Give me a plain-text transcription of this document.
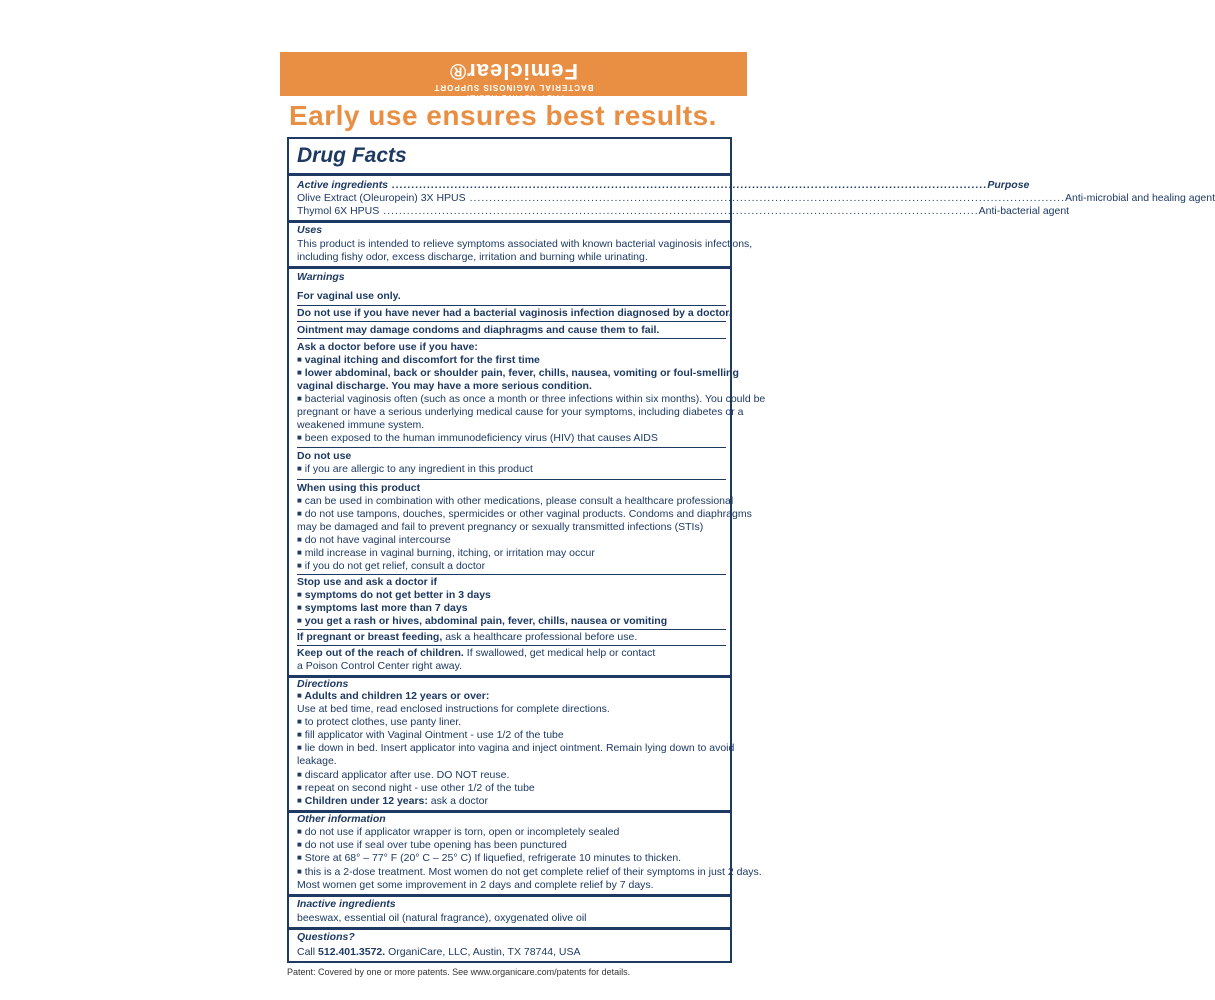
Femiclear®
BACTERIAL VAGINOSIS SUPPORT
FAST-ACTING RELIEF
Early use ensures best results.
Drug Facts
Active ingredients ........................................................................................................................................................ Purpose
Olive Extract (Oleuropein) 3X HPUS ........................................................................................................................................................ Anti-microbial and healing agent
Thymol 6X HPUS ........................................................................................................................................................ Anti-bacterial agent
Uses
This product is intended to relieve symptoms associated with known bacterial vaginosis infections,
including fishy odor, excess discharge, irritation and burning while urinating.
Warnings
For vaginal use only.
Do not use if you have never had a bacterial vaginosis infection diagnosed by a doctor.
Ointment may damage condoms and diaphragms and cause them to fail.
Ask a doctor before use if you have:
■ vaginal itching and discomfort for the first time
■ lower abdominal, back or shoulder pain, fever, chills, nausea, vomiting or foul-smelling
vaginal discharge. You may have a more serious condition.
■ bacterial vaginosis often (such as once a month or three infections within six months). You could be
pregnant or have a serious underlying medical cause for your symptoms, including diabetes or a
weakened immune system.
■ been exposed to the human immunodeficiency virus (HIV) that causes AIDS
Do not use
■ if you are allergic to any ingredient in this product
When using this product
■ can be used in combination with other medications, please consult a healthcare professional
■ do not use tampons, douches, spermicides or other vaginal products. Condoms and diaphragms
may be damaged and fail to prevent pregnancy or sexually transmitted infections (STIs)
■ do not have vaginal intercourse
■ mild increase in vaginal burning, itching, or irritation may occur
■ if you do not get relief, consult a doctor
Stop use and ask a doctor if
■ symptoms do not get better in 3 days
■ symptoms last more than 7 days
■ you get a rash or hives, abdominal pain, fever, chills, nausea or vomiting
If pregnant or breast feeding, ask a healthcare professional before use.
Keep out of the reach of children. If swallowed, get medical help or contact
a Poison Control Center right away.
Directions
■ Adults and children 12 years or over:
Use at bed time, read enclosed instructions for complete directions.
■ to protect clothes, use panty liner.
■ fill applicator with Vaginal Ointment - use 1/2 of the tube
■ lie down in bed. Insert applicator into vagina and inject ointment. Remain lying down to avoid
leakage.
■ discard applicator after use. DO NOT reuse.
■ repeat on second night - use other 1/2 of the tube
■ Children under 12 years: ask a doctor
Other information
■ do not use if applicator wrapper is torn, open or incompletely sealed
■ do not use if seal over tube opening has been punctured
■ Store at 68° – 77° F (20° C – 25° C) If liquefied, refrigerate 10 minutes to thicken.
■ this is a 2-dose treatment. Most women do not get complete relief of their symptoms in just 2 days.
Most women get some improvement in 2 days and complete relief by 7 days.
Inactive ingredients
beeswax, essential oil (natural fragrance), oxygenated olive oil
Questions?
Call 512.401.3572. OrganiCare, LLC, Austin, TX 78744, USA
Patent: Covered by one or more patents. See www.organicare.com/patents for details.
